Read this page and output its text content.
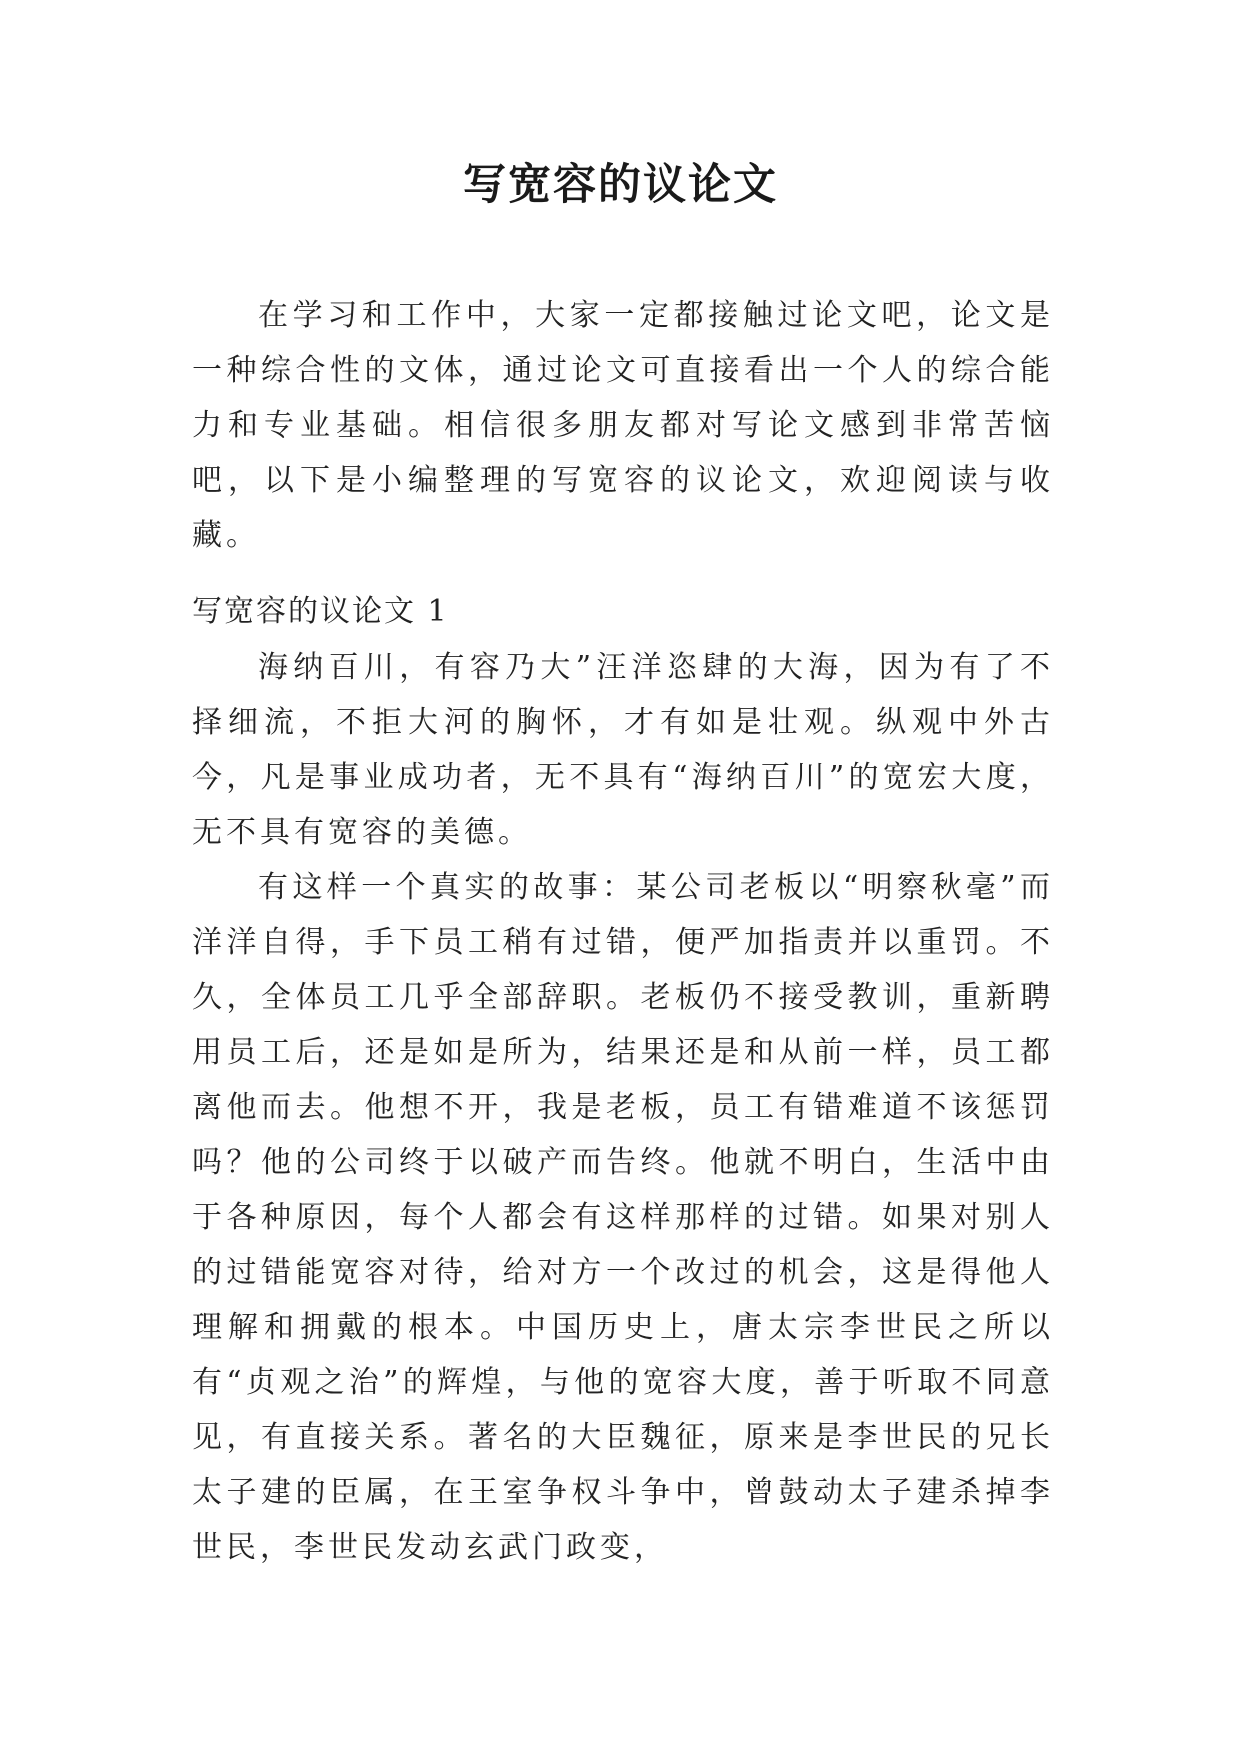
写宽容的议论文

在学习和工作中，大家一定都接触过论文吧，论文是一种综合性的文体，通过论文可直接看出一个人的综合能力和专业基础。相信很多朋友都对写论文感到非常苦恼吧，以下是小编整理的写宽容的议论文，欢迎阅读与收藏。

写宽容的议论文 1

海纳百川，有容乃大”汪洋恣肆的大海，因为有了不择细流，不拒大河的胸怀，才有如是壮观。纵观中外古今，凡是事业成功者，无不具有“海纳百川”的宽宏大度，无不具有宽容的美德。

有这样一个真实的故事：某公司老板以“明察秋毫”而洋洋自得，手下员工稍有过错，便严加指责并以重罚。不久，全体员工几乎全部辞职。老板仍不接受教训，重新聘用员工后，还是如是所为，结果还是和从前一样，员工都离他而去。他想不开，我是老板，员工有错难道不该惩罚吗？他的公司终于以破产而告终。他就不明白，生活中由于各种原因，每个人都会有这样那样的过错。如果对别人的过错能宽容对待，给对方一个改过的机会，这是得他人理解和拥戴的根本。中国历史上，唐太宗李世民之所以有“贞观之治”的辉煌，与他的宽容大度，善于听取不同意见，有直接关系。著名的大臣魏征，原来是李世民的兄长太子建的臣属，在王室争权斗争中，曾鼓动太子建杀掉李世民，李世民发动玄武门政变，
